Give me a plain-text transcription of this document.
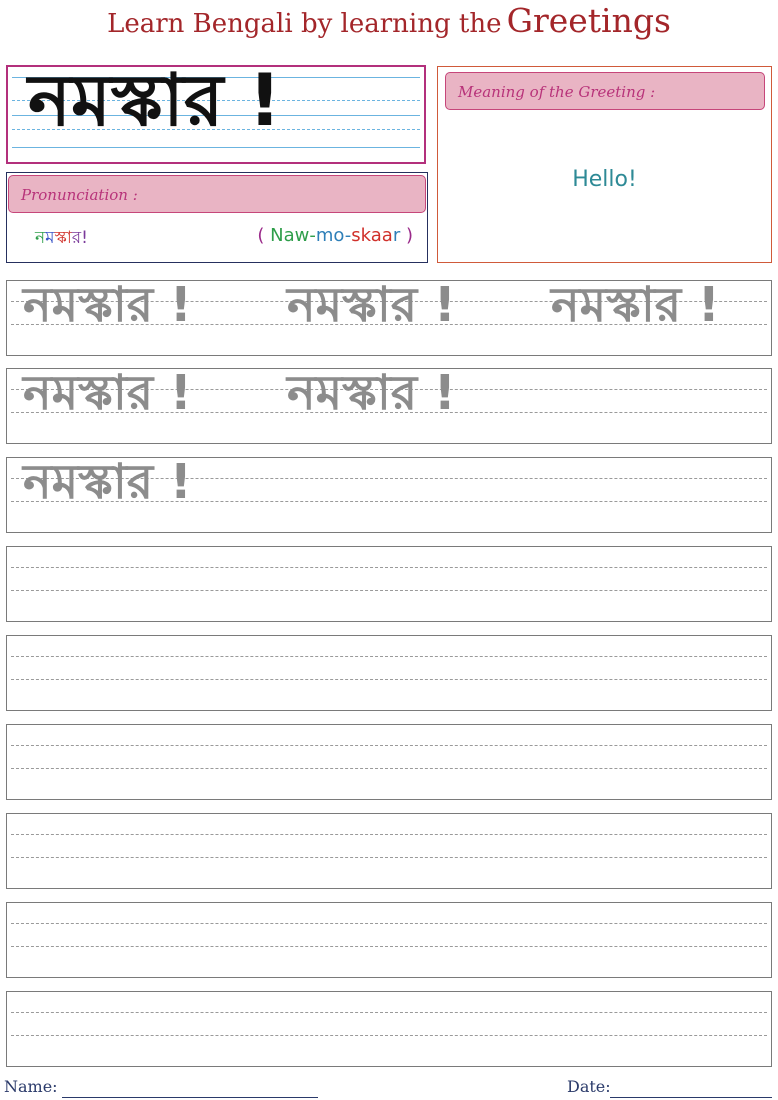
Learn Bengali by learning the Greetings
নমস্কার !
Pronunciation :
নমস্কার!	( Naw-mo-skaar )
Meaning of the Greeting :
Hello!
নমস্কার ! নমস্কার ! নমস্কার !
নমস্কার ! নমস্কার !
নমস্কার !
Name:	Date:
